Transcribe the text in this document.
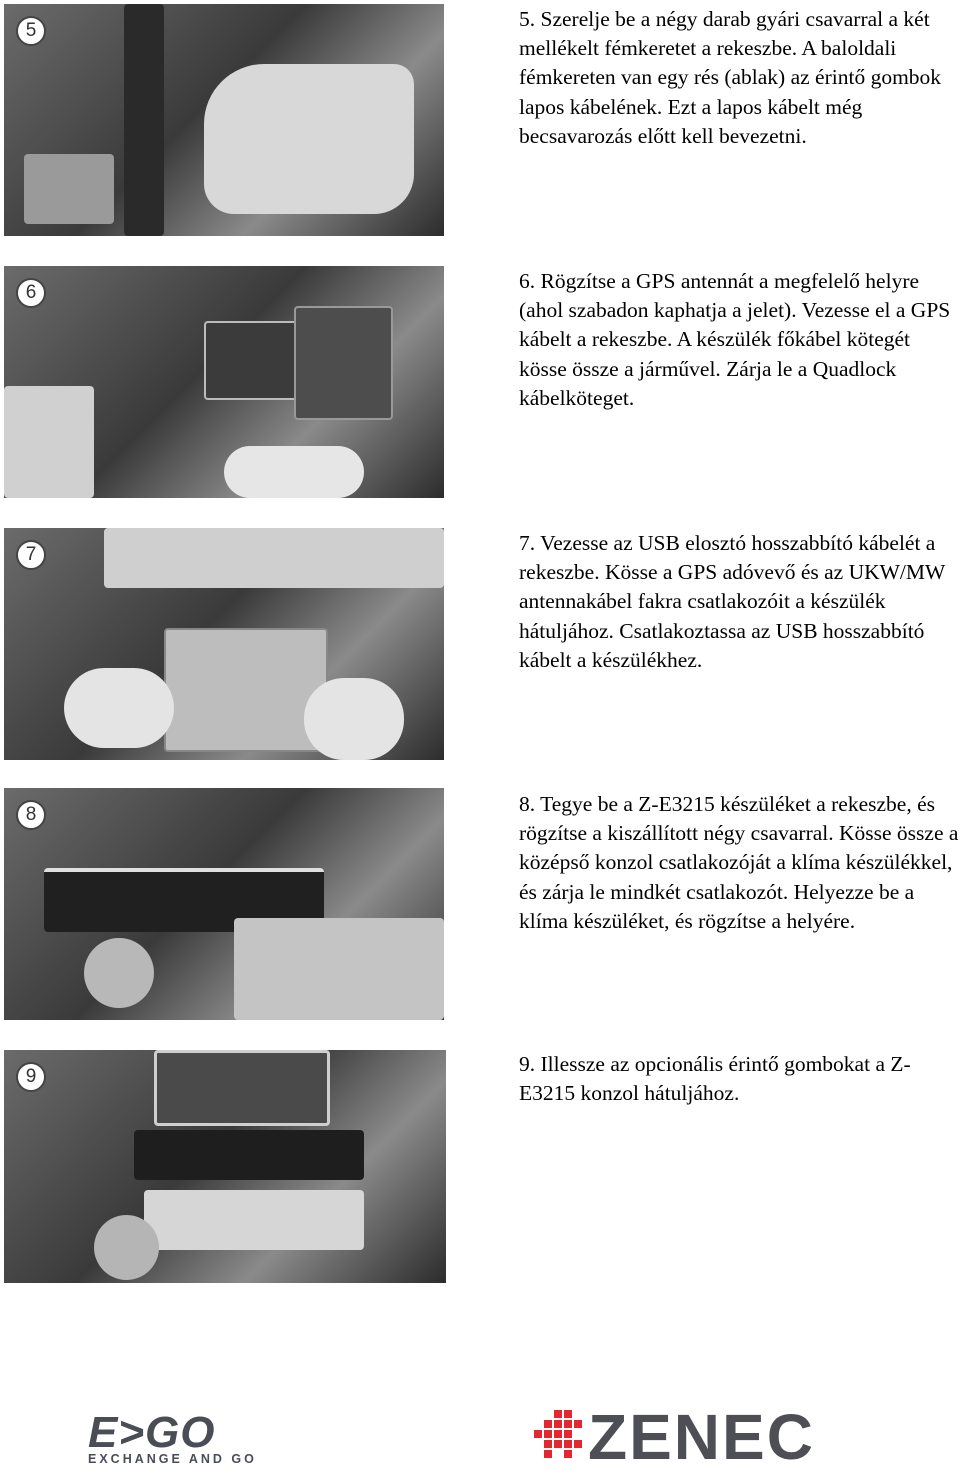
5	5. Szerelje be a négy darab gyári csavarral a két mellékelt fémkeretet a rekeszbe. A baloldali fémkereten van egy rés (ablak) az érintő gombok lapos kábelének. Ezt a lapos kábelt még becsavarozás előtt kell bevezetni.

6	6. Rögzítse a GPS antennát a megfelelő helyre (ahol szabadon kaphatja a jelet). Vezesse el a GPS kábelt a rekeszbe. A készülék főkábel kötegét kösse össze a járművel. Zárja le a Quadlock kábelköteget.

7	7. Vezesse az USB elosztó hosszabbító kábelét a rekeszbe. Kösse a GPS adóvevő és az UKW/MW antennakábel fakra csatlakozóit a készülék hátuljához. Csatlakoztassa az USB hosszabbító kábelt a készülékhez.

8	8. Tegye be a Z-E3215 készüléket a rekeszbe, és rögzítse a kiszállított négy csavarral. Kösse össze a középső konzol csatlakozóját a klíma készülékkel, és zárja le mindkét csatlakozót. Helyezze be a klíma készüléket, és rögzítse a helyére.

9

9. Illessze az opcionális érintő gombokat a Z-E3215 konzol hátuljához.

E>GO
EXCHANGE AND GO	ZENEC
